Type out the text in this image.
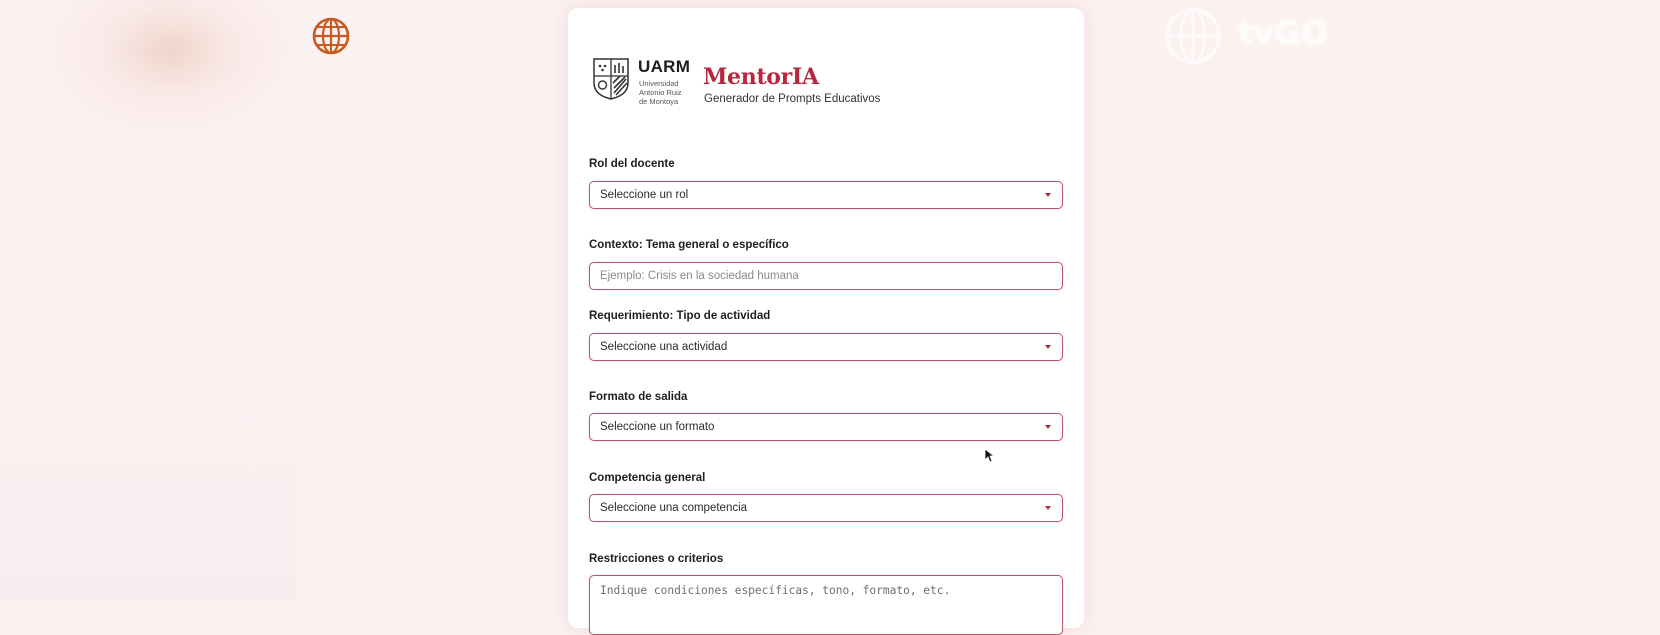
tvGO
UARM
Universidad
Antonio Ruiz
de Montoya
MentorIA
Generador de Prompts Educativos
Rol del docente
Seleccione un rol
Contexto: Tema general o específico
Ejemplo: Crisis en la sociedad humana
Requerimiento: Tipo de actividad
Seleccione una actividad
Formato de salida
Seleccione un formato
Competencia general
Seleccione una competencia
Restricciones o criterios
Indique condiciones específicas, tono, formato, etc.
